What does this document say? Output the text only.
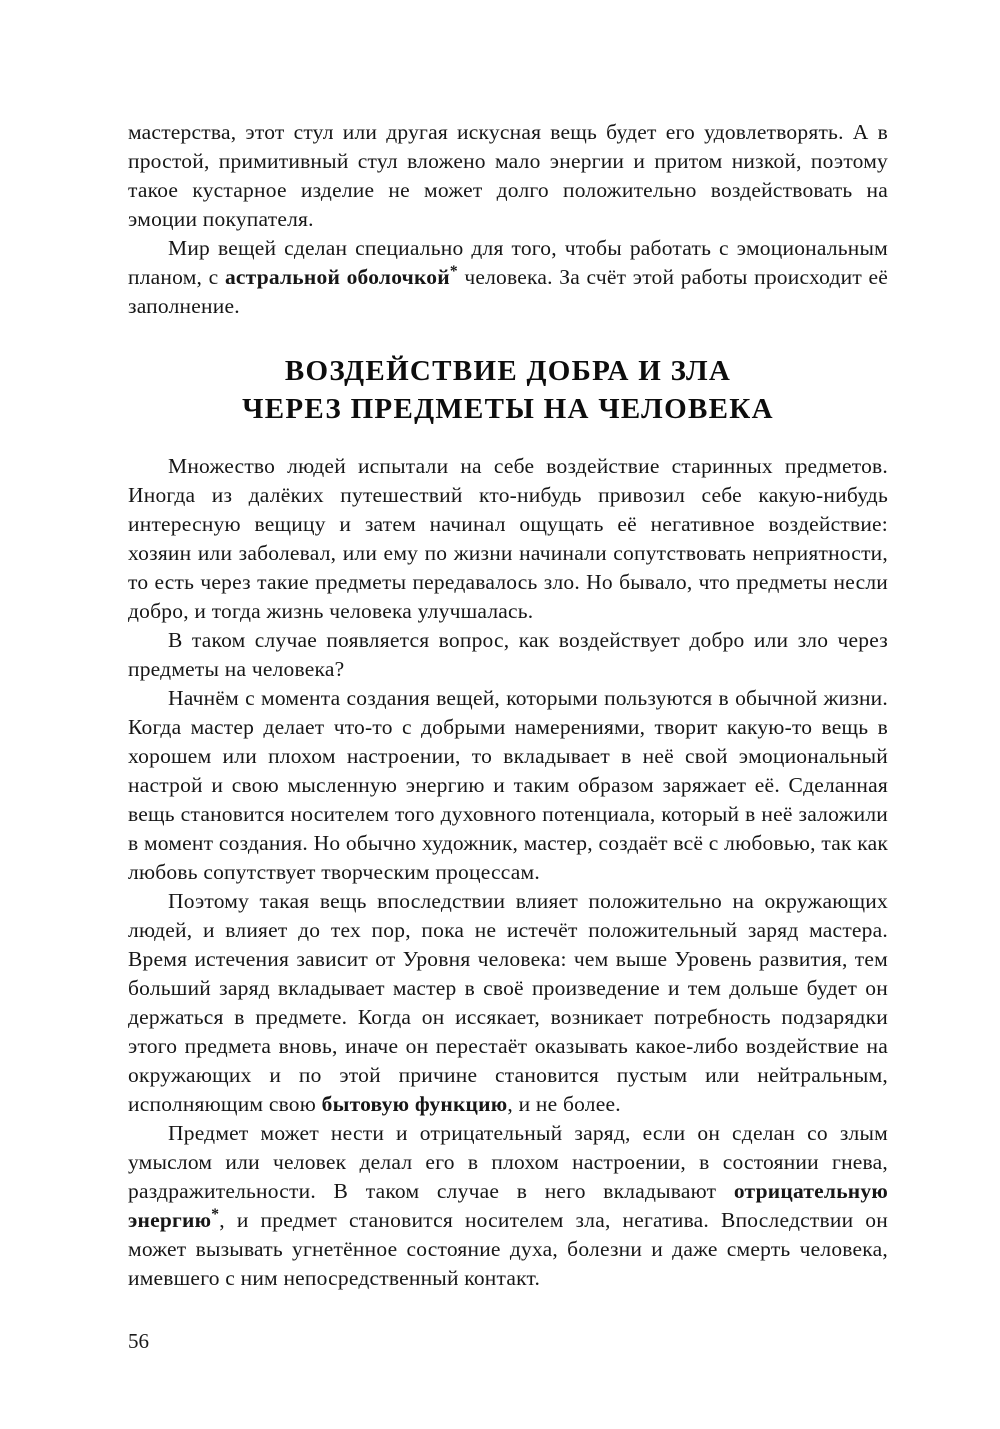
мастерства, этот стул или другая искусная вещь будет его удовлетворять. А в простой, примитивный стул вложено мало энергии и притом низкой, поэтому такое кустарное изделие не может долго положительно воздействовать на эмоции покупателя.

Мир вещей сделан специально для того, чтобы работать с эмоциональным планом, с астральной оболочкой* человека. За счёт этой работы происходит её заполнение.

ВОЗДЕЙСТВИЕ ДОБРА И ЗЛА
ЧЕРЕЗ ПРЕДМЕТЫ НА ЧЕЛОВЕКА

Множество людей испытали на себе воздействие старинных предметов. Иногда из далёких путешествий кто-нибудь привозил себе какую-нибудь интересную вещицу и затем начинал ощущать её негативное воздействие: хозяин или заболевал, или ему по жизни начинали сопутствовать неприятности, то есть через такие предметы передавалось зло. Но бывало, что предметы несли добро, и тогда жизнь человека улучшалась.

В таком случае появляется вопрос, как воздействует добро или зло через предметы на человека?

Начнём с момента создания вещей, которыми пользуются в обычной жизни. Когда мастер делает что-то с добрыми намерениями, творит какую-то вещь в хорошем или плохом настроении, то вкладывает в неё свой эмоциональный настрой и свою мысленную энергию и таким образом заряжает её. Сделанная вещь становится носителем того духовного потенциала, который в неё заложили в момент создания. Но обычно художник, мастер, создаёт всё с любовью, так как любовь сопутствует творческим процессам.

Поэтому такая вещь впоследствии влияет положительно на окружающих людей, и влияет до тех пор, пока не истечёт положительный заряд мастера. Время истечения зависит от Уровня человека: чем выше Уровень развития, тем больший заряд вкладывает мастер в своё произведение и тем дольше будет он держаться в предмете. Когда он иссякает, возникает потребность подзарядки этого предмета вновь, иначе он перестаёт оказывать какое-либо воздействие на окружающих и по этой причине становится пустым или нейтральным, исполняющим свою бытовую функцию, и не более.

Предмет может нести и отрицательный заряд, если он сделан со злым умыслом или человек делал его в плохом настроении, в состоянии гнева, раздражительности. В таком случае в него вкладывают отрицательную энергию*, и предмет становится носителем зла, негатива. Впоследствии он может вызывать угнетённое состояние духа, болезни и даже смерть человека, имевшего с ним непосредственный контакт.

56
